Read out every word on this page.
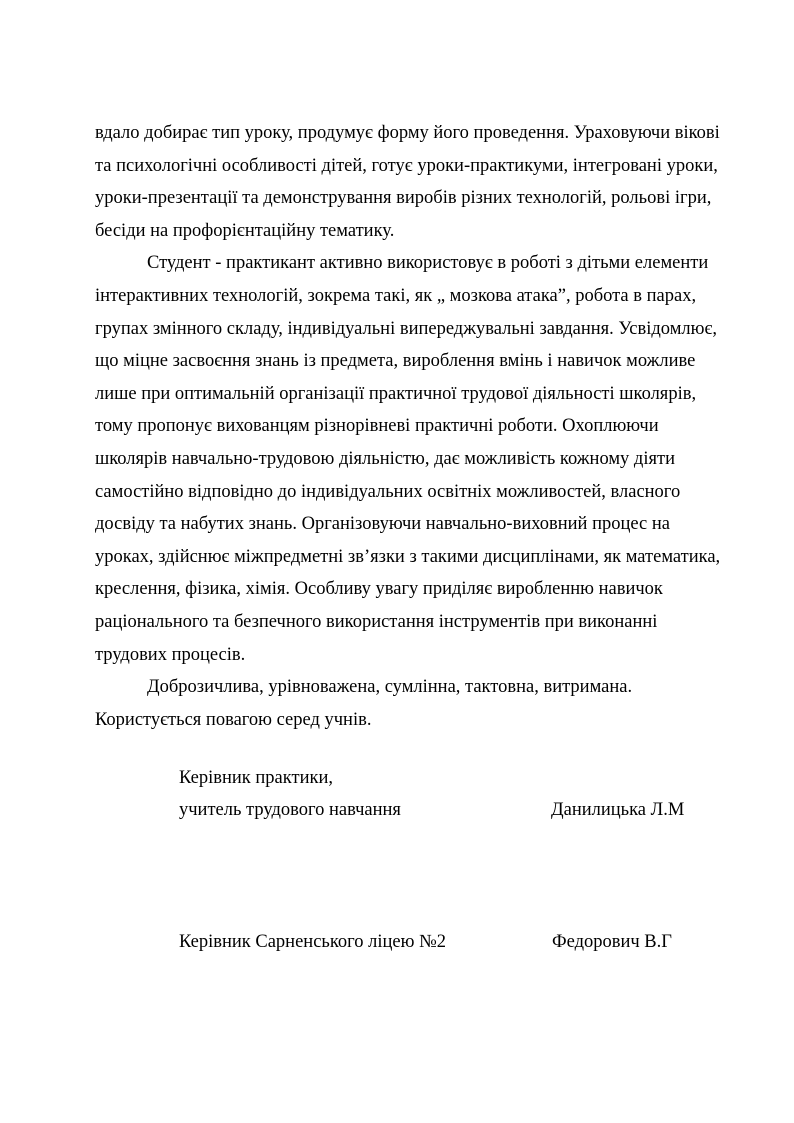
вдало добирає тип уроку, продумує форму його проведення. Ураховуючи вікові
та психологічні особливості дітей, готує уроки-практикуми, інтегровані уроки,
уроки-презентації та демонстрування виробів різних технологій, рольові ігри,
бесіди на профорієнтаційну тематику.
Студент - практикант активно використовує в роботі з дітьми елементи
інтерактивних технологій, зокрема такі, як „ мозкова атака”, робота в парах,
групах змінного складу, індивідуальні випереджувальні завдання. Усвідомлює,
що міцне засвоєння знань із предмета, вироблення вмінь і навичок можливе
лише при оптимальній організації практичної трудової діяльності школярів,
тому пропонує вихованцям різнорівневі практичні роботи. Охоплюючи
школярів навчально-трудовою діяльністю, дає можливість кожному діяти
самостійно відповідно до індивідуальних освітніх можливостей, власного
досвіду та набутих знань. Організовуючи навчально-виховний процес на
уроках, здійснює міжпредметні зв’язки з такими дисциплінами, як математика,
креслення, фізика, хімія. Особливу увагу приділяє виробленню навичок
раціонального та безпечного використання інструментів при виконанні
трудових процесів.
Доброзичлива, урівноважена, сумлінна, тактовна, витримана.
Користується повагою серед учнів.
Керівник практики,
учитель трудового навчання	Данилицька Л.М
Керівник Сарненського ліцею №2	Федорович В.Г
